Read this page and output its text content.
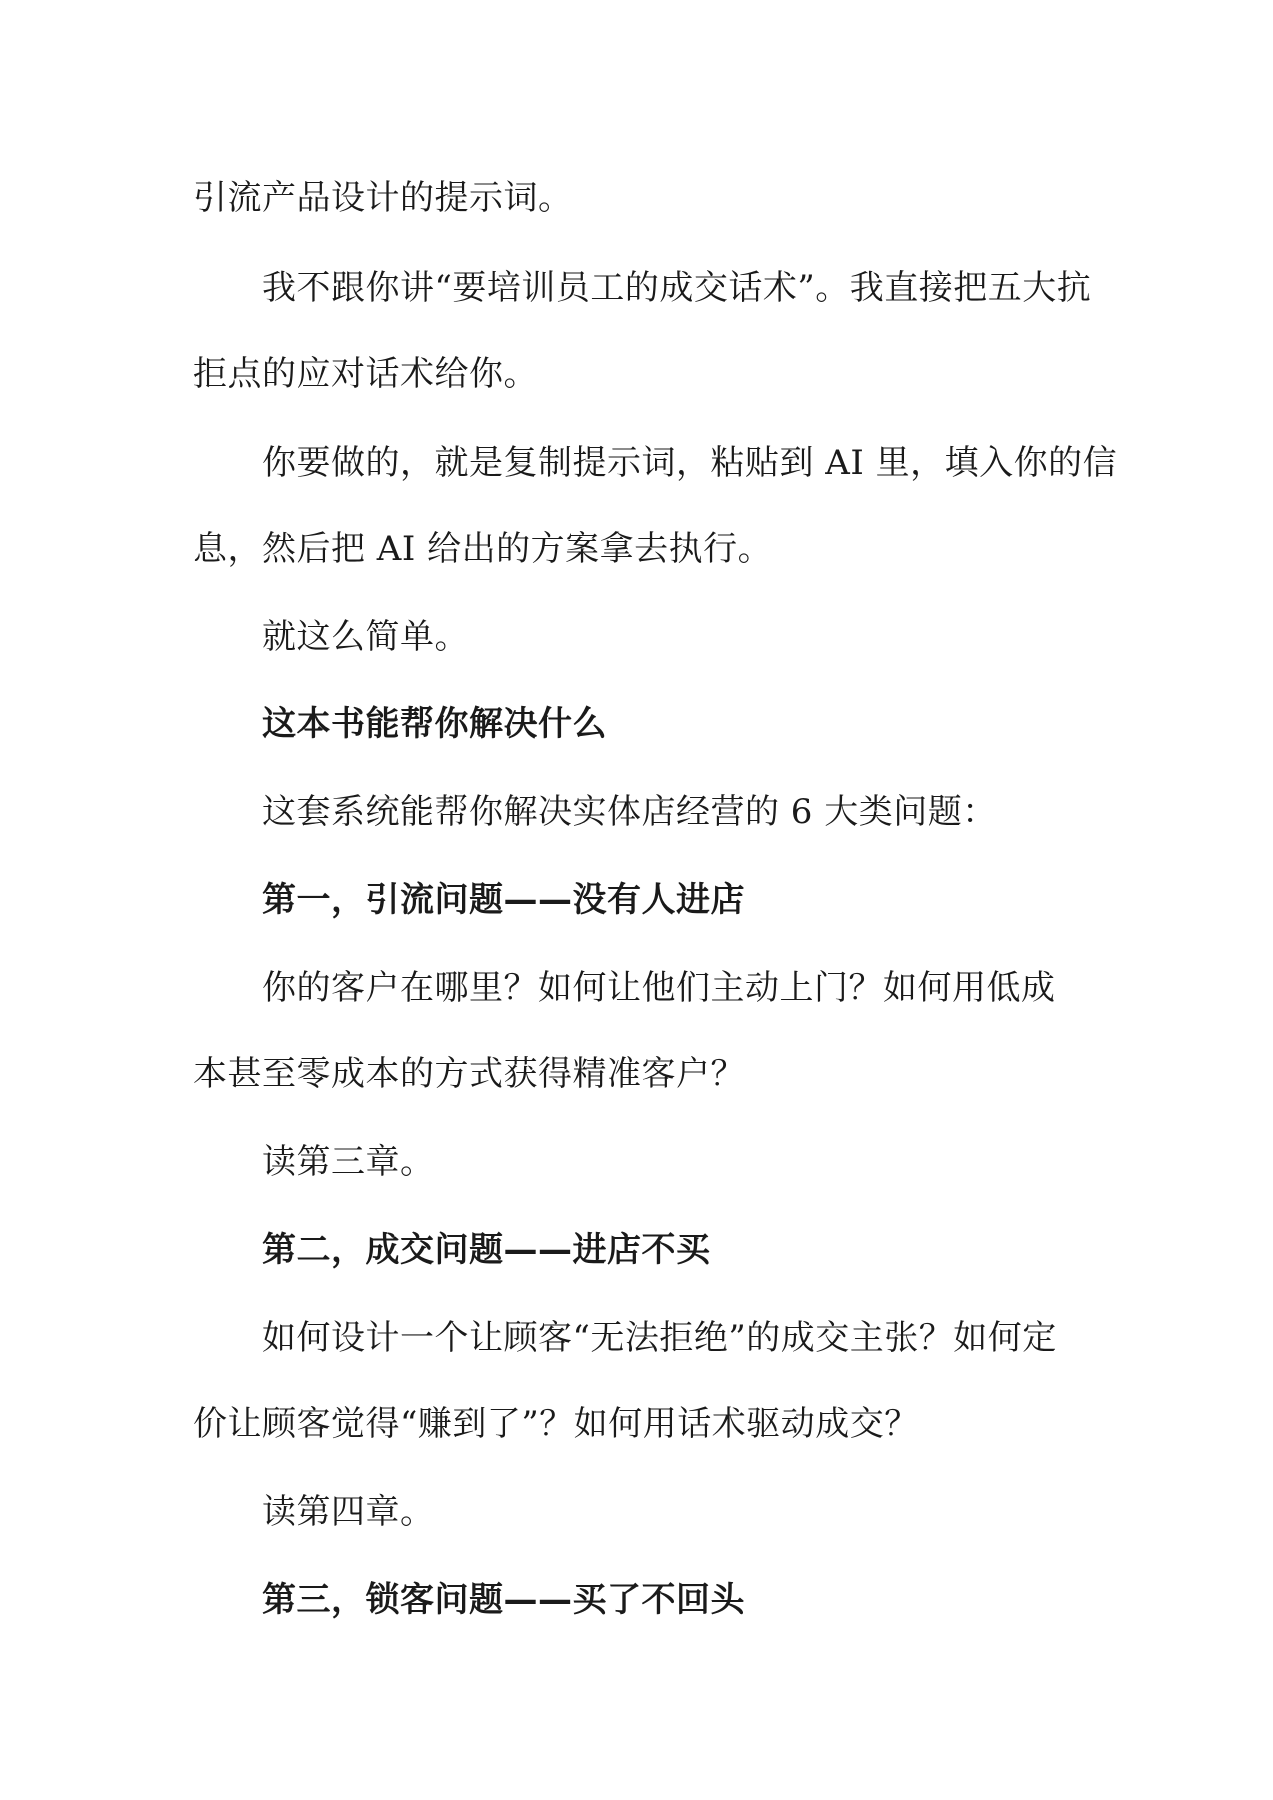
引流产品设计的提示词。
我不跟你讲“要培训员工的成交话术”。我直接把五大抗
拒点的应对话术给你。
你要做的，就是复制提示词，粘贴到 AI 里，填入你的信
息，然后把 AI 给出的方案拿去执行。
就这么简单。
这本书能帮你解决什么
这套系统能帮你解决实体店经营的 6 大类问题：
第一，引流问题——没有人进店
你的客户在哪里？如何让他们主动上门？如何用低成
本甚至零成本的方式获得精准客户？
读第三章。
第二，成交问题——进店不买
如何设计一个让顾客“无法拒绝”的成交主张？如何定
价让顾客觉得“赚到了”？如何用话术驱动成交？
读第四章。
第三，锁客问题——买了不回头
